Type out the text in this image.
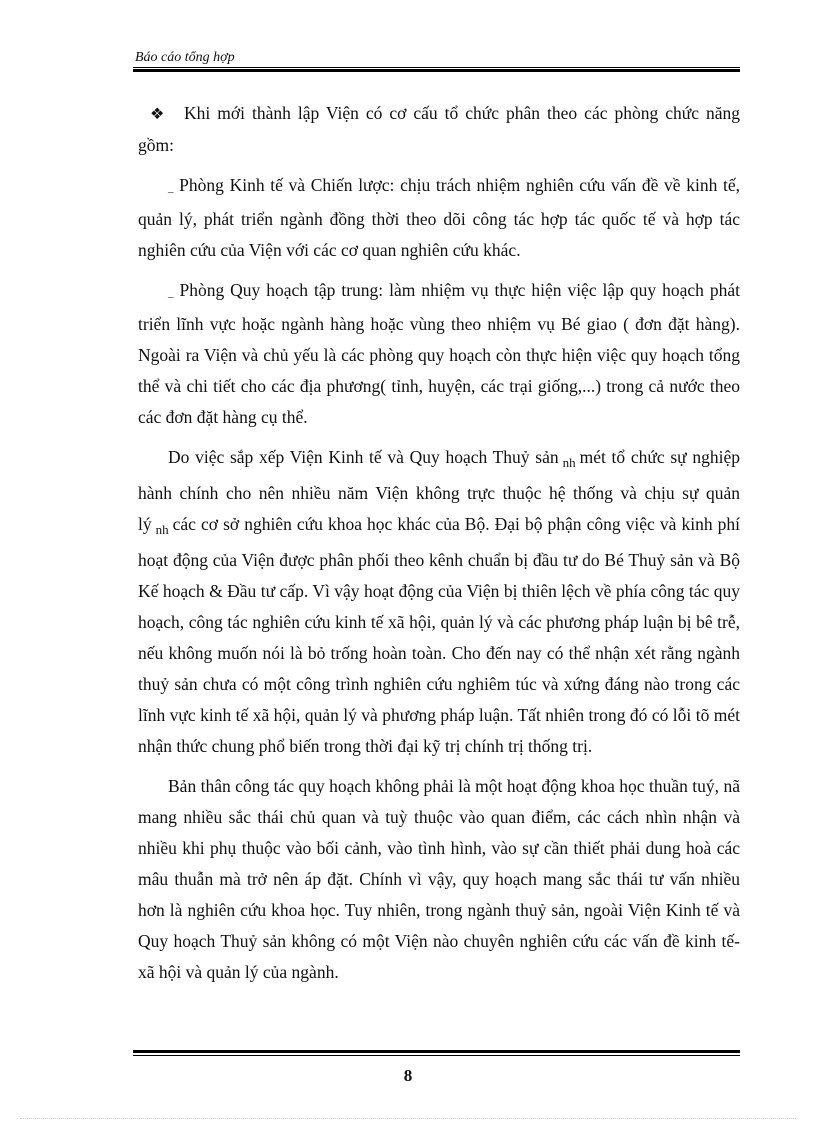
Báo cáo tổng hợp

❖ Khi mới thành lập Viện có cơ cấu tổ chức phân theo các phòng chức năng gồm:

_ Phòng Kinh tế và Chiến lược: chịu trách nhiệm nghiên cứu vấn đề về kinh tế, quản lý, phát triển ngành đồng thời theo dõi công tác hợp tác quốc tế và hợp tác nghiên cứu của Viện với các cơ quan nghiên cứu khác.

_ Phòng Quy hoạch tập trung: làm nhiệm vụ thực hiện việc lập quy hoạch phát triển lĩnh vực hoặc ngành hàng hoặc vùng theo nhiệm vụ Bé giao ( đơn đặt hàng). Ngoài ra Viện và chủ yếu là các phòng quy hoạch còn thực hiện việc quy hoạch tổng thể và chi tiết cho các địa phương( tỉnh, huyện, các trại giống,...) trong cả nước theo các đơn đặt hàng cụ thể.

Do việc sắp xếp Viện Kinh tế và Quy hoạch Thuỷ sản $_{nh}$ mét tổ chức sự nghiệp hành chính cho nên nhiều năm Viện không trực thuộc hệ thống và chịu sự quản lý $_{nh}$ các cơ sở nghiên cứu khoa học khác của Bộ. Đại bộ phận công việc và kinh phí hoạt động của Viện được phân phối theo kênh chuẩn bị đầu tư do Bé Thuỷ sản và Bộ Kế hoạch & Đầu tư cấp. Vì vậy hoạt động của Viện bị thiên lệch về phía công tác quy hoạch, công tác nghiên cứu kinh tế xã hội, quản lý và các phương pháp luận bị bê trễ, nếu không muốn nói là bỏ trống hoàn toàn. Cho đến nay có thể nhận xét rằng ngành thuỷ sản chưa có một công trình nghiên cứu nghiêm túc và xứng đáng nào trong các lĩnh vực kinh tế xã hội, quản lý và phương pháp luận. Tất nhiên trong đó có lỗi tõ mét nhận thức chung phổ biến trong thời đại kỹ trị chính trị thống trị.

Bản thân công tác quy hoạch không phải là một hoạt động khoa học thuần tuý, nã mang nhiều sắc thái chủ quan và tuỳ thuộc vào quan điểm, các cách nhìn nhận và nhiều khi phụ thuộc vào bối cảnh, vào tình hình, vào sự cần thiết phải dung hoà các mâu thuẫn mà trở nên áp đặt. Chính vì vậy, quy hoạch mang sắc thái tư vấn nhiều hơn là nghiên cứu khoa học. Tuy nhiên, trong ngành thuỷ sản, ngoài Viện Kinh tế và Quy hoạch Thuỷ sản không có một Viện nào chuyên nghiên cứu các vấn đề kinh tế- xã hội và quản lý của ngành.

8
